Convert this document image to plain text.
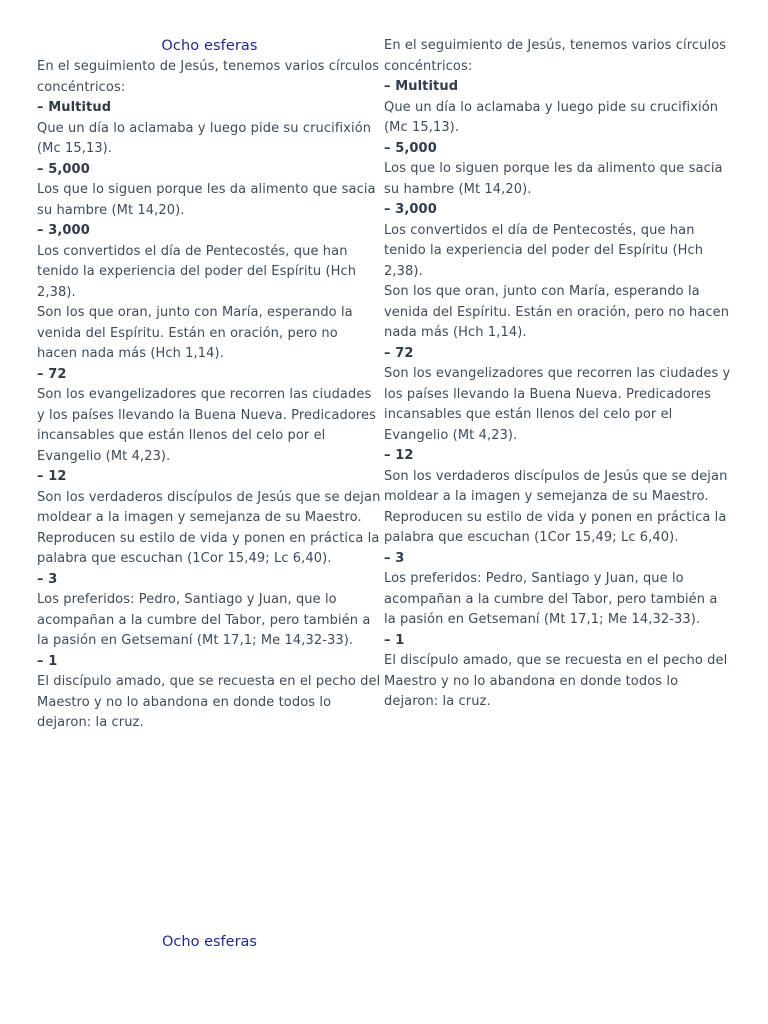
Ocho esferas

En el seguimiento de Jesús, tenemos varios círculos concéntricos:

– Multitud

Que un día lo aclamaba y luego pide su crucifixión (Mc 15,13).

– 5,000

Los que lo siguen porque les da alimento que sacia su hambre (Mt 14,20).

– 3,000

Los convertidos el día de Pentecostés, que han tenido la experiencia del poder del Espíritu (Hch 2,38).

Son los que oran, junto con María, esperando la venida del Espíritu. Están en oración, pero no hacen nada más (Hch 1,14).

– 72

Son los evangelizadores que recorren las ciudades y los países llevando la Buena Nueva. Predicadores incansables que están llenos del celo por el Evangelio (Mt 4,23).

– 12

Son los verdaderos discípulos de Jesús que se dejan moldear a la imagen y semejanza de su Maestro. Reproducen su estilo de vida y ponen en práctica la palabra que escuchan (1Cor 15,49; Lc 6,40).

– 3

Los preferidos: Pedro, Santiago y Juan, que lo acompañan a la cumbre del Tabor, pero también a la pasión en Getsemaní (Mt 17,1; Me 14,32-33).

– 1

El discípulo amado, que se recuesta en el pecho del Maestro y no lo abandona en donde todos lo dejaron: la cruz.

En el seguimiento de Jesús, tenemos varios círculos concéntricos:

– Multitud

Que un día lo aclamaba y luego pide su crucifixión (Mc 15,13).

– 5,000

Los que lo siguen porque les da alimento que sacia su hambre (Mt 14,20).

– 3,000

Los convertidos el día de Pentecostés, que han tenido la experiencia del poder del Espíritu (Hch 2,38).

Son los que oran, junto con María, esperando la venida del Espíritu. Están en oración, pero no hacen nada más (Hch 1,14).

– 72

Son los evangelizadores que recorren las ciudades y los países llevando la Buena Nueva. Predicadores incansables que están llenos del celo por el Evangelio (Mt 4,23).

– 12

Son los verdaderos discípulos de Jesús que se dejan moldear a la imagen y semejanza de su Maestro. Reproducen su estilo de vida y ponen en práctica la palabra que escuchan (1Cor 15,49; Lc 6,40).

– 3

Los preferidos: Pedro, Santiago y Juan, que lo acompañan a la cumbre del Tabor, pero también a la pasión en Getsemaní (Mt 17,1; Me 14,32-33).

– 1

El discípulo amado, que se recuesta en el pecho del Maestro y no lo abandona en donde todos lo dejaron: la cruz.

Ocho esferas
